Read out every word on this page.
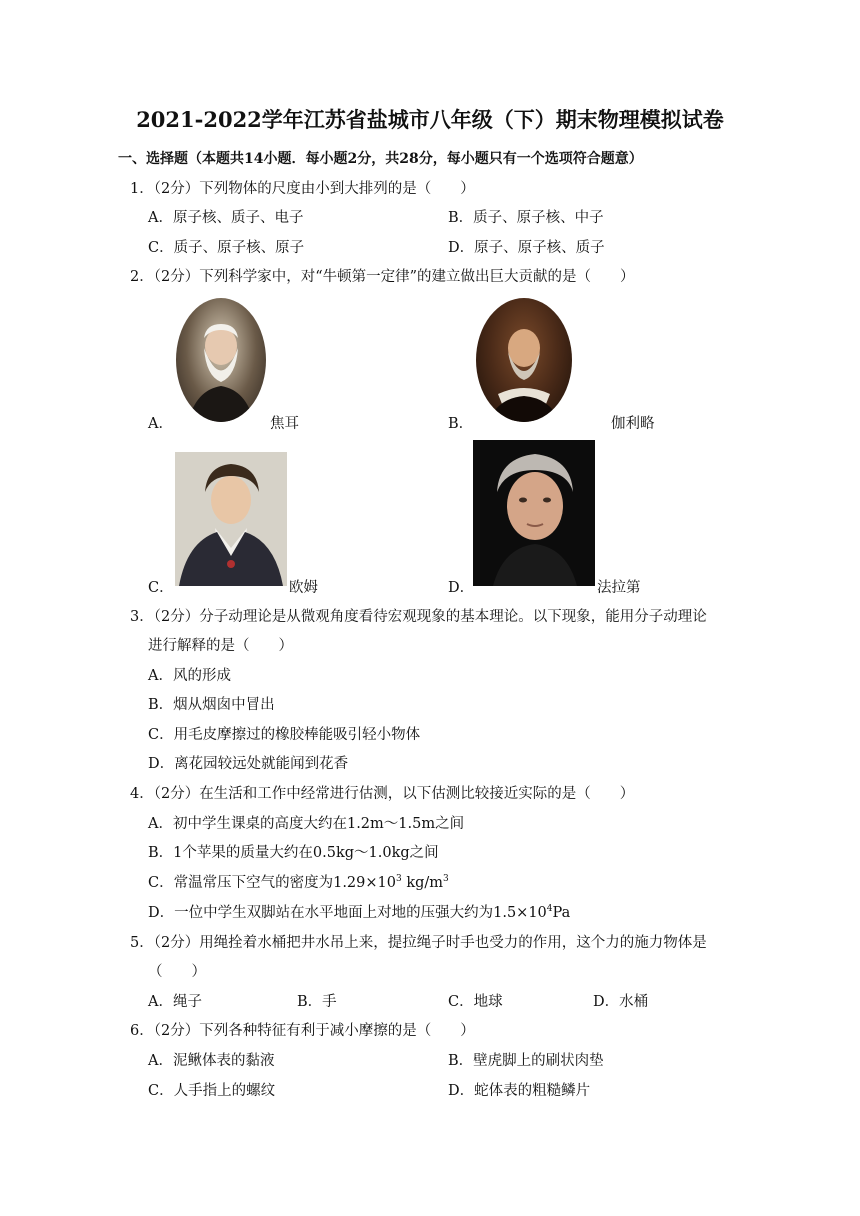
2021-2022学年江苏省盐城市八年级（下）期末物理模拟试卷
一、选择题（本题共14小题．每小题2分，共28分，每小题只有一个选项符合题意）
1．（2分）下列物体的尺度由小到大排列的是（　　）
A．原子核、质子、电子	B．质子、原子核、中子
C．质子、原子核、原子	D．原子、原子核、质子
2．（2分）下列科学家中，对“牛顿第一定律”的建立做出巨大贡献的是（　　）
A．	焦耳	B．	伽利略
C．	欧姆	D．	法拉第
3．（2分）分子动理论是从微观角度看待宏观现象的基本理论。以下现象，能用分子动理论
进行解释的是（　　）
A．风的形成
B．烟从烟囱中冒出
C．用毛皮摩擦过的橡胶棒能吸引轻小物体
D．离花园较远处就能闻到花香
4．（2分）在生活和工作中经常进行估测，以下估测比较接近实际的是（　　）
A．初中学生课桌的高度大约在1.2m～1.5m之间
B．1个苹果的质量大约在0.5kg～1.0kg之间
C．常温常压下空气的密度为$1.29\times 10^3$ $kg/m^3$
D．一位中学生双脚站在水平地面上对地的压强大约为$1.5\times 10^4Pa$
5．（2分）用绳拴着水桶把井水吊上来，提拉绳子时手也受力的作用，这个力的施力物体是
（　　）
A．绳子	B．手	C．地球	D．水桶
6．（2分）下列各种特征有利于减小摩擦的是（　　）
A．泥鳅体表的黏液	B．壁虎脚上的刷状肉垫
C．人手指上的螺纹	D．蛇体表的粗糙鳞片
